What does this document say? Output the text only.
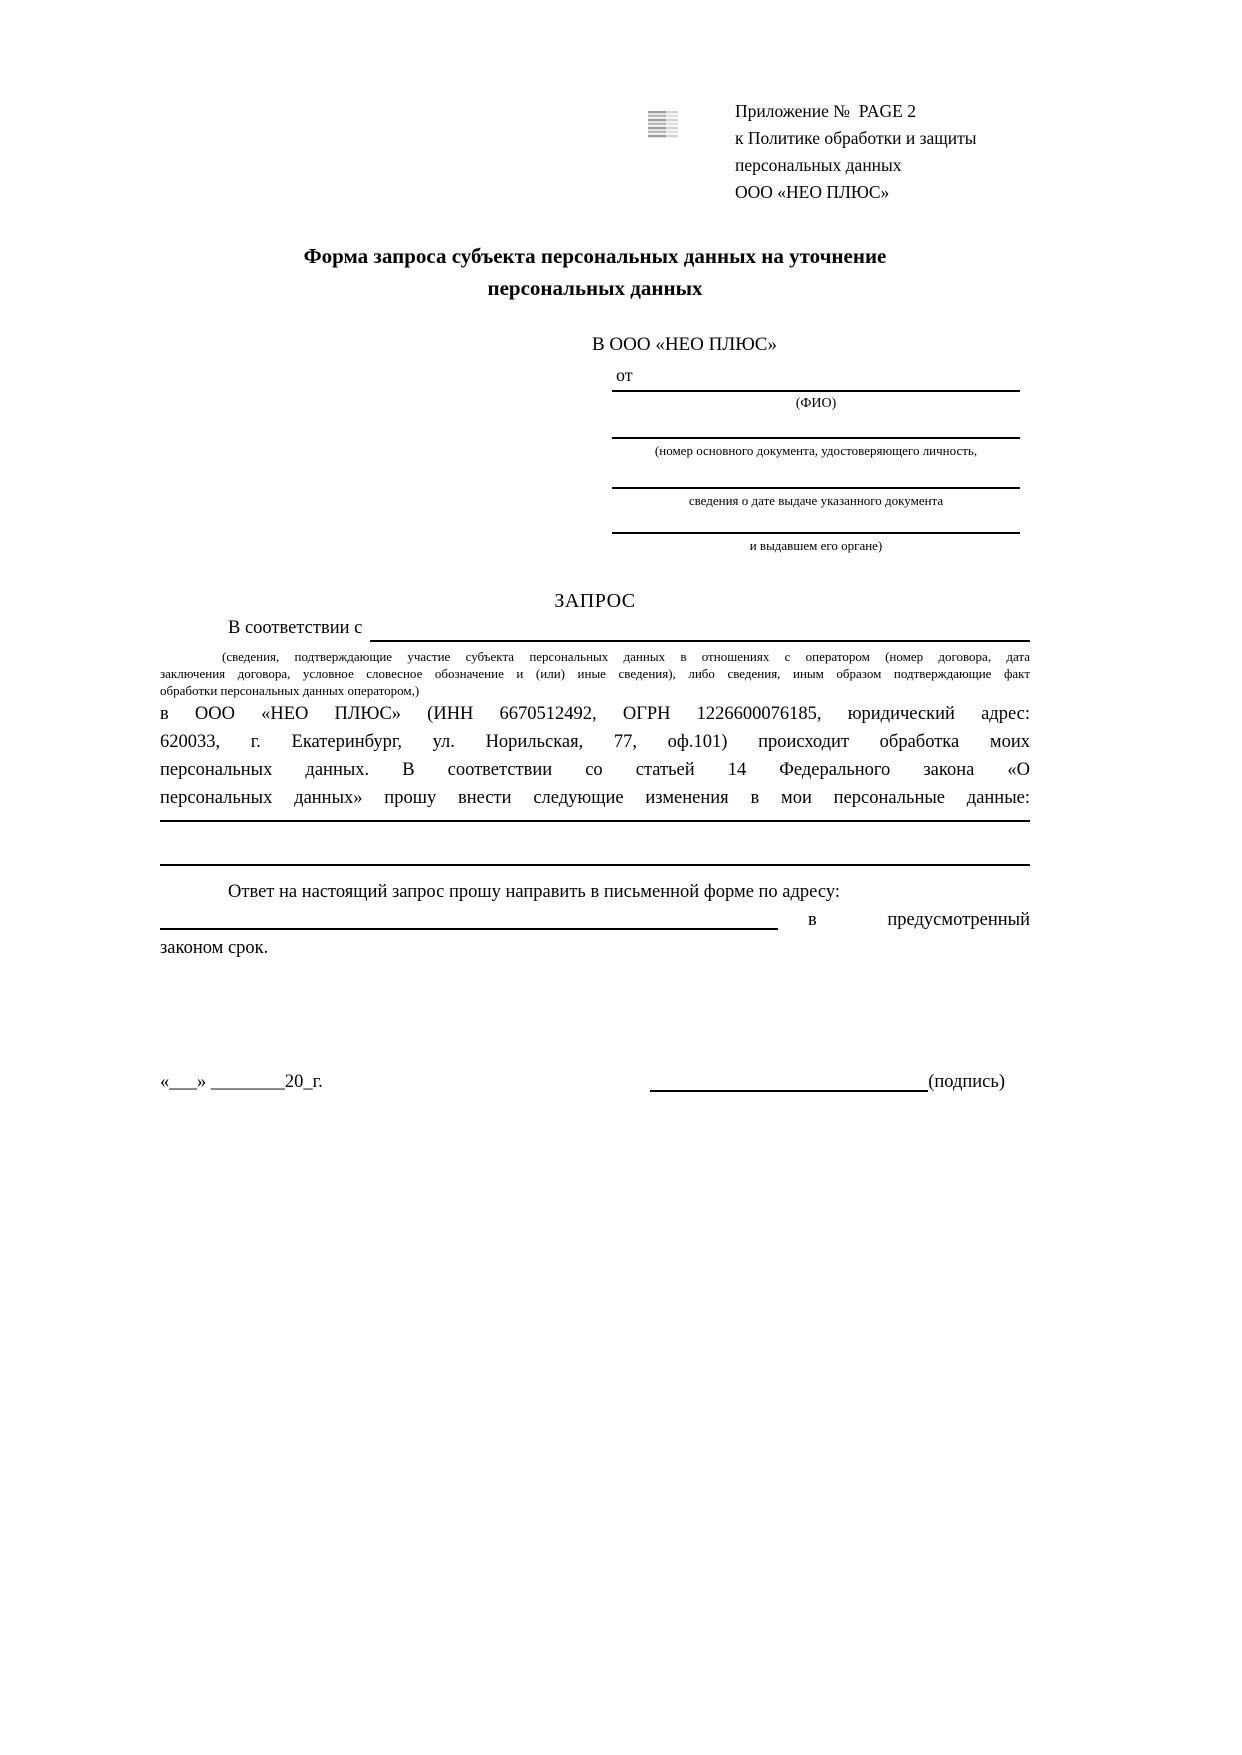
Приложение №  PAGE 2
к Политике обработки и защиты
персональных данных
ООО «НЕО ПЛЮС»
Форма запроса субъекта персональных данных на уточнение
персональных данных
В ООО «НЕО ПЛЮС»
от
(ФИО)
(номер основного документа, удостоверяющего личность,
сведения о дате выдаче указанного документа
и выдавшем его органе)
ЗАПРОС
В соответствии с
(сведения, подтверждающие участие субъекта персональных данных в отношениях с оператором (номер договора, дата
заключения договора, условное словесное обозначение и (или) иные сведения), либо сведения, иным образом подтверждающие факт
обработки персональных данных оператором,)
в ООО «НЕО ПЛЮС» (ИНН 6670512492, ОГРН 1226600076185, юридический адрес:
620033, г. Екатеринбург, ул. Норильская, 77, оф.101) происходит обработка моих
персональных данных. В соответствии со статьей 14 Федерального закона «О
персональных данных» прошу внести следующие изменения в мои персональные данные:
Ответ на настоящий запрос прошу направить в письменной форме по адресу:
в	предусмотренный
законом срок.
«___» ________20_г.	(подпись)
